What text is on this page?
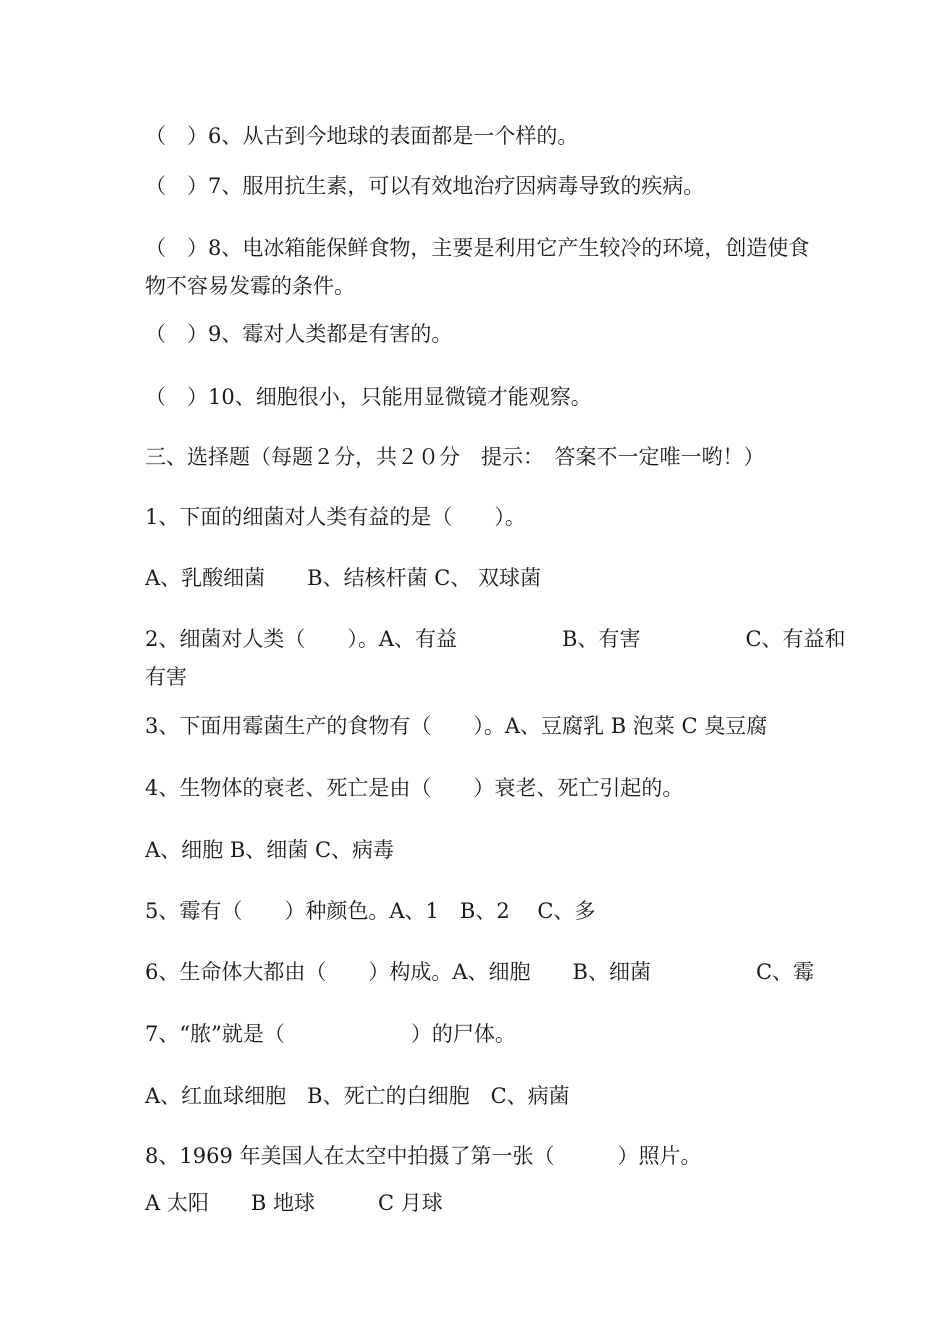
（　）6、从古到今地球的表面都是一个样的。
（　）7、服用抗生素，可以有效地治疗因病毒导致的疾病。
（　）8、电冰箱能保鲜食物，主要是利用它产生较冷的环境，创造使食
物不容易发霉的条件。
（　）9、霉对人类都是有害的。
（　）10、细胞很小，只能用显微镜才能观察。
三、选择题（每题２分，共２０分　提示：　答案不一定唯一哟！）
1、下面的细菌对人类有益的是（　　）。
A、乳酸细菌　　B、结核杆菌 C、 双球菌
2、细菌对人类（　　）。A、有益　　　　　B、有害　　　　　C、有益和
有害
3、下面用霉菌生产的食物有（　　）。A、豆腐乳 B 泡菜 C 臭豆腐
4、生物体的衰老、死亡是由（　　）衰老、死亡引起的。
A、细胞 B、细菌 C、病毒
5、霉有（　　）种颜色。A、1　B、2　 C、多
6、生命体大都由（　　）构成。A、细胞　　B、细菌　　　　　C、霉
7、“脓”就是（　　　　　　）的尸体。
A、红血球细胞　B、死亡的白细胞　C、病菌
8、1969 年美国人在太空中拍摄了第一张（　　　）照片。
A 太阳　　B 地球　　　C 月球
